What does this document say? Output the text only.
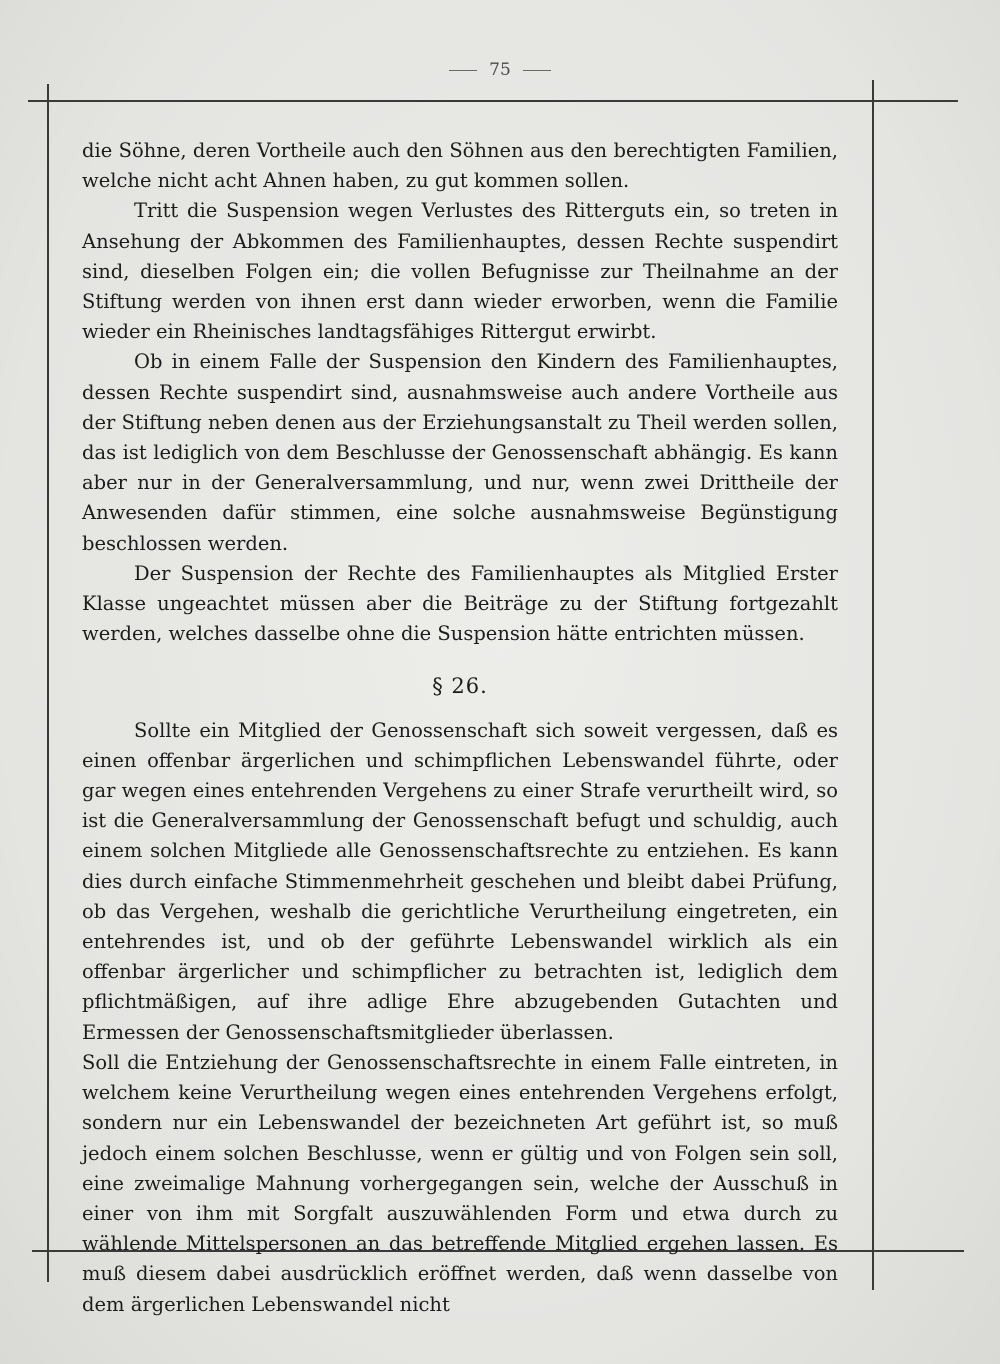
75

die Söhne, deren Vortheile auch den Söhnen aus den berechtigten Familien, welche nicht acht Ahnen haben, zu gut kommen sollen.

Tritt die Suspension wegen Verlustes des Ritterguts ein, so treten in Ansehung der Abkommen des Familienhauptes, dessen Rechte suspendirt sind, dieselben Folgen ein; die vollen Befugnisse zur Theilnahme an der Stiftung werden von ihnen erst dann wieder erworben, wenn die Familie wieder ein Rheinisches landtagsfähiges Rittergut erwirbt.

Ob in einem Falle der Suspension den Kindern des Familienhauptes, dessen Rechte suspendirt sind, ausnahmsweise auch andere Vortheile aus der Stiftung neben denen aus der Erziehungsanstalt zu Theil werden sollen, das ist lediglich von dem Beschlusse der Genossenschaft abhängig. Es kann aber nur in der Generalversammlung, und nur, wenn zwei Drittheile der Anwesenden dafür stimmen, eine solche ausnahmsweise Begünstigung beschlossen werden.

Der Suspension der Rechte des Familienhauptes als Mitglied Erster Klasse ungeachtet müssen aber die Beiträge zu der Stiftung fortgezahlt werden, welches dasselbe ohne die Suspension hätte entrichten müssen.

§ 26.

Sollte ein Mitglied der Genossenschaft sich soweit vergessen, daß es einen offenbar ärgerlichen und schimpflichen Lebenswandel führte, oder gar wegen eines entehrenden Vergehens zu einer Strafe verurtheilt wird, so ist die Generalversammlung der Genossenschaft befugt und schuldig, auch einem solchen Mitgliede alle Genossenschaftsrechte zu entziehen. Es kann dies durch einfache Stimmenmehrheit geschehen und bleibt dabei Prüfung, ob das Vergehen, weshalb die gerichtliche Verurtheilung eingetreten, ein entehrendes ist, und ob der geführte Lebenswandel wirklich als ein offenbar ärgerlicher und schimpflicher zu betrachten ist, lediglich dem pflichtmäßigen, auf ihre adlige Ehre abzugebenden Gutachten und Ermessen der Genossenschaftsmitglieder überlassen.

Soll die Entziehung der Genossenschaftsrechte in einem Falle eintreten, in welchem keine Verurtheilung wegen eines entehrenden Vergehens erfolgt, sondern nur ein Lebenswandel der bezeichneten Art geführt ist, so muß jedoch einem solchen Beschlusse, wenn er gültig und von Folgen sein soll, eine zweimalige Mahnung vorhergegangen sein, welche der Ausschuß in einer von ihm mit Sorgfalt auszuwählenden Form und etwa durch zu wählende Mittelspersonen an das betreffende Mitglied ergehen lassen. Es muß diesem dabei ausdrücklich eröffnet werden, daß wenn dasselbe von dem ärgerlichen Lebenswandel nicht
